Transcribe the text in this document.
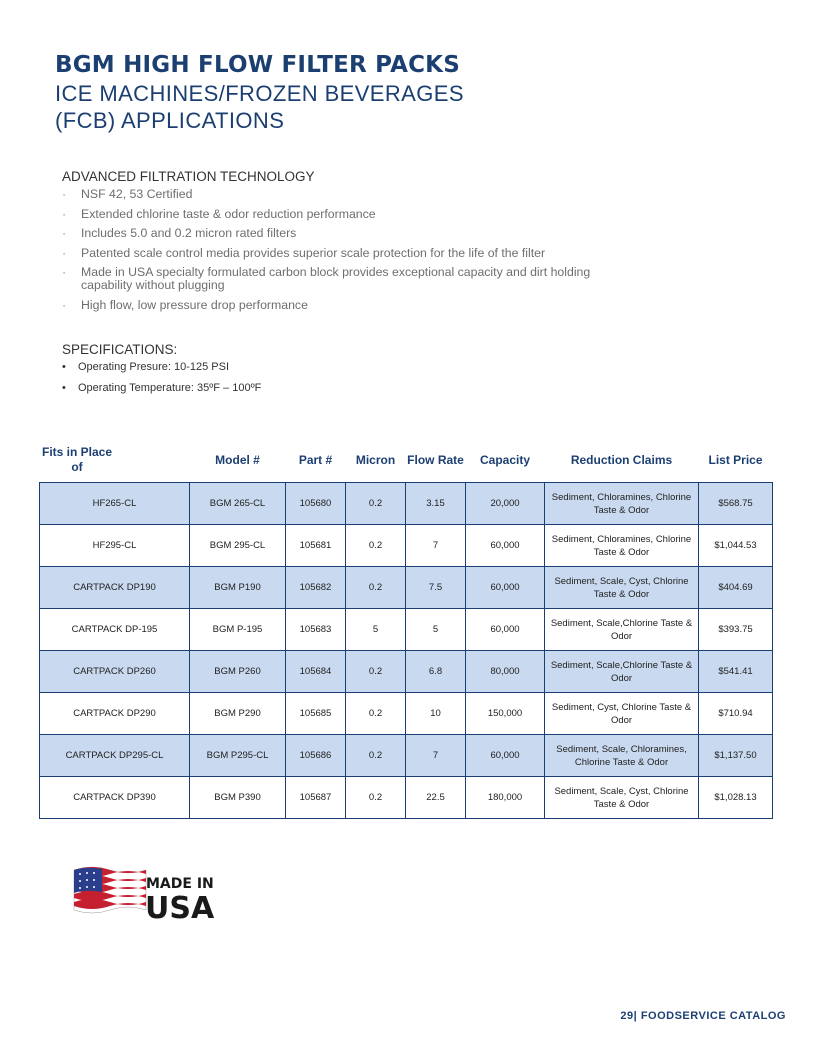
BGM HIGH FLOW FILTER PACKS
ICE MACHINES/FROZEN BEVERAGES
(FCB) APPLICATIONS
ADVANCED FILTRATION TECHNOLOGY
· NSF 42, 53 Certified
· Extended chlorine taste & odor reduction performance
· Includes 5.0 and 0.2 micron rated filters
· Patented scale control media provides superior scale protection for the life of the filter
· Made in USA specialty formulated carbon block provides exceptional capacity and dirt holding capability without plugging
· High flow, low pressure drop performance
SPECIFICATIONS:
• Operating Presure: 10-125 PSI
• Operating Temperature: 35ºF – 100ºF
Fits in Place of	Model #	Part #	Micron	Flow Rate	Capacity	Reduction Claims	List Price
HF265-CL	BGM 265-CL	105680	0.2	3.15	20,000	Sediment, Chloramines, Chlorine Taste & Odor	$568.75
HF295-CL	BGM 295-CL	105681	0.2	7	60,000	Sediment, Chloramines, Chlorine Taste & Odor	$1,044.53
CARTPACK DP190	BGM P190	105682	0.2	7.5	60,000	Sediment, Scale, Cyst, Chlorine Taste & Odor	$404.69
CARTPACK DP-195	BGM P-195	105683	5	5	60,000	Sediment, Scale,Chlorine Taste & Odor	$393.75
CARTPACK DP260	BGM P260	105684	0.2	6.8	80,000	Sediment, Scale,Chlorine Taste & Odor	$541.41
CARTPACK DP290	BGM P290	105685	0.2	10	150,000	Sediment, Cyst, Chlorine Taste & Odor	$710.94
CARTPACK DP295-CL	BGM P295-CL	105686	0.2	7	60,000	Sediment, Scale, Chloramines, Chlorine Taste & Odor	$1,137.50
CARTPACK DP390	BGM P390	105687	0.2	22.5	180,000	Sediment, Scale, Cyst, Chlorine Taste & Odor	$1,028.13
MADE IN
USA
29| FOODSERVICE CATALOG
